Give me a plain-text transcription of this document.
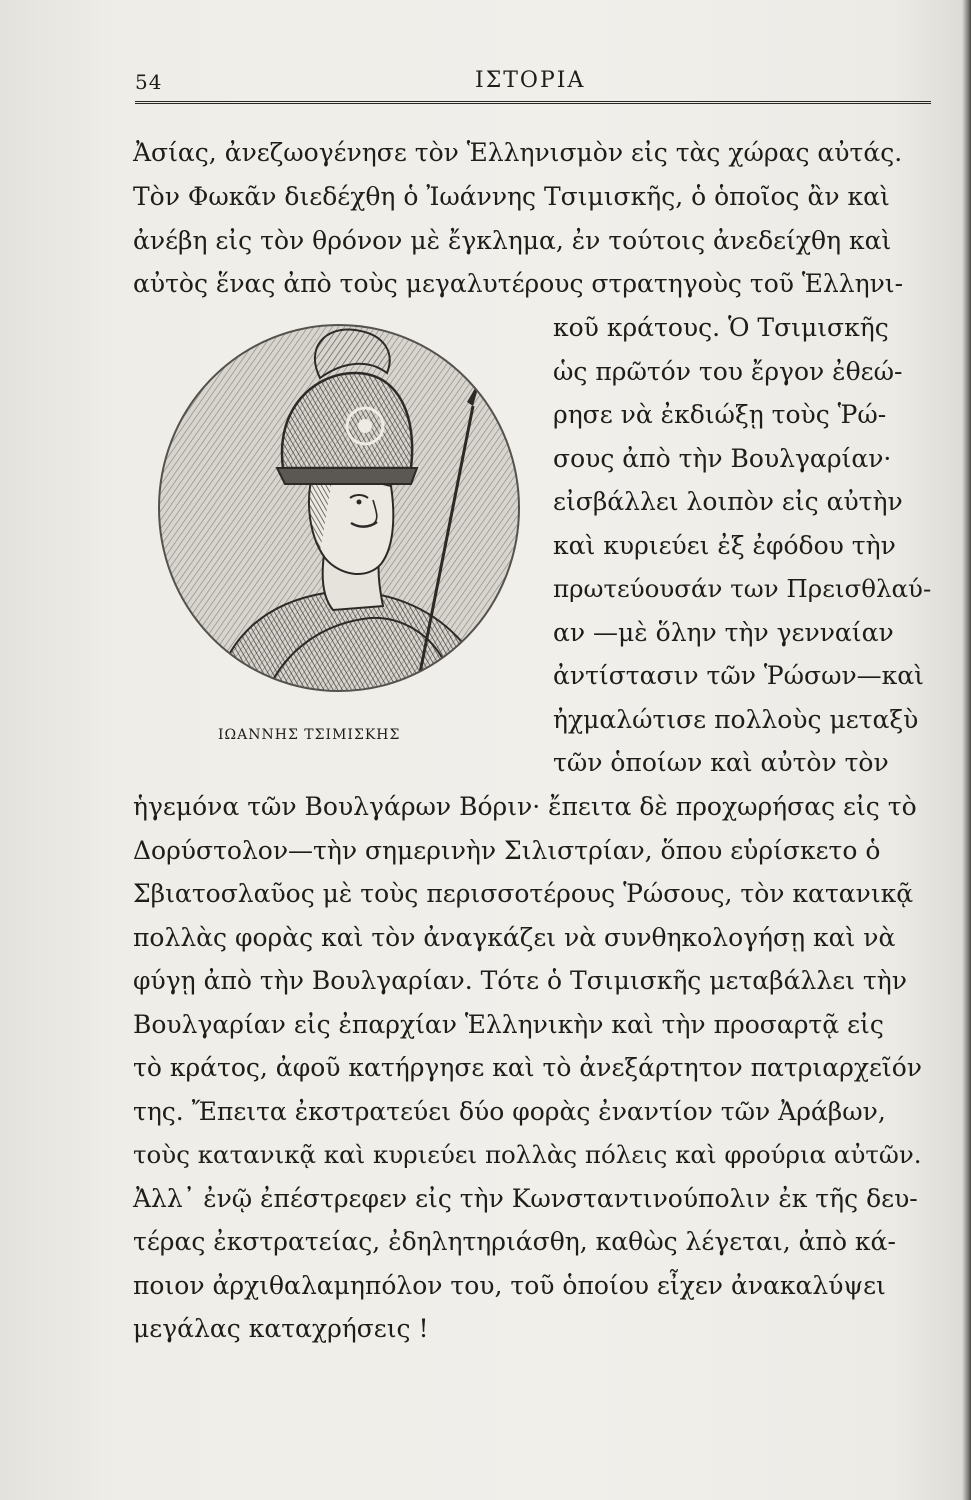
54	ΙΣΤΟΡΙΑ
Ἀσίας, ἀνεζωογένησε τὸν Ἑλληνισμὸν εἰς τὰς χώρας αὐτάς.
Τὸν Φωκᾶν διεδέχθη ὁ Ἰωάννης Τσιμισκῆς, ὁ ὁποῖος ἂν καὶ
ἀνέβη εἰς τὸν θρόνον μὲ ἔγκλημα, ἐν τούτοις ἀνεδείχθη καὶ
αὐτὸς ἕνας ἀπὸ τοὺς μεγαλυτέρους στρατηγοὺς τοῦ Ἑλληνι-
κοῦ κράτους. Ὁ Τσιμισκῆς
ὡς πρῶτόν του ἔργον ἐθεώ-
ρησε νὰ ἐκδιώξῃ τοὺς Ῥώ-
σους ἀπὸ τὴν Βουλγαρίαν·
εἰσβάλλει λοιπὸν εἰς αὐτὴν
καὶ κυριεύει ἐξ ἐφόδου τὴν
πρωτεύουσάν των Πρεισθλαύ-
αν —μὲ ὅλην τὴν γενναίαν
ἀντίστασιν τῶν Ῥώσων—καὶ
ἠχμαλώτισε πολλοὺς μεταξὺ
τῶν ὁποίων καὶ αὐτὸν τὸν
ΙΩΑΝΝΗΣ ΤΣΙΜΙΣΚΗΣ
ἡγεμόνα τῶν Βουλγάρων Βόριν· ἔπειτα δὲ προχωρήσας εἰς τὸ
Δορύστολον—τὴν σημερινὴν Σιλιστρίαν, ὅπου εὑρίσκετο ὁ
Σβιατοσλαῦος μὲ τοὺς περισσοτέρους Ῥώσους, τὸν κατανικᾷ
πολλὰς φορὰς καὶ τὸν ἀναγκάζει νὰ συνθηκολογήσῃ καὶ νὰ
φύγῃ ἀπὸ τὴν Βουλγαρίαν. Τότε ὁ Τσιμισκῆς μεταβάλλει τὴν
Βουλγαρίαν εἰς ἐπαρχίαν Ἑλληνικὴν καὶ τὴν προσαρτᾷ εἰς
τὸ κράτος, ἀφοῦ κατήργησε καὶ τὸ ἀνεξάρτητον πατριαρχεῖόν
της. Ἔπειτα ἐκστρατεύει δύο φορὰς ἐναντίον τῶν Ἀράβων,
τοὺς κατανικᾷ καὶ κυριεύει πολλὰς πόλεις καὶ φρούρια αὐτῶν.
Ἀλλ᾽ ἐνῷ ἐπέστρεφεν εἰς τὴν Κωνσταντινούπολιν ἐκ τῆς δευ-
τέρας ἐκστρατείας, ἐδηλητηριάσθη, καθὼς λέγεται, ἀπὸ κά-
ποιον ἀρχιθαλαμηπόλον του, τοῦ ὁποίου εἶχεν ἀνακαλύψει
μεγάλας καταχρήσεις !
